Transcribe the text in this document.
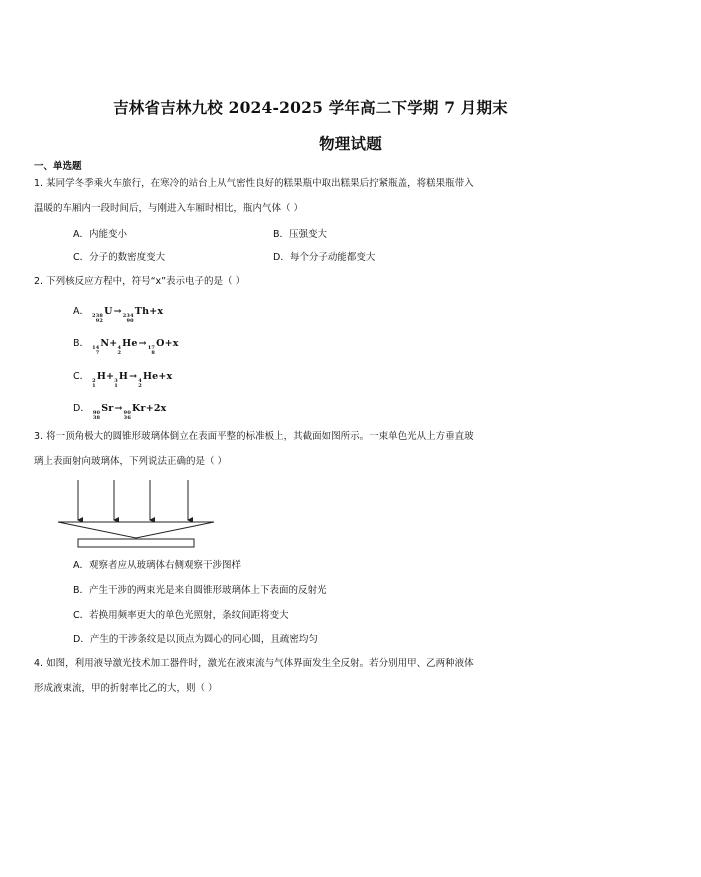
吉林省吉林九校 2024-2025 学年高二下学期 7 月期末
物理试题
一、单选题
1. 某同学冬季乘火车旅行，在寒冷的站台上从气密性良好的糕果瓶中取出糕果后拧紧瓶盖，将糕果瓶带入
温暖的车厢内一段时间后，与刚进入车厢时相比，瓶内气体（ ）
A．内能变小	B．压强变大
C．分子的数密度变大	D．每个分子动能都变大
2. 下列核反应方程中，符号“x”表示电子的是（ ）
A． 238
92
U→ 234
90
Th+x
B． 14
7
N+ 4
2
He→ 17
8
O+x
C． 2
1
H+ 3
1
H→ 4
2
He+x
D． 90
38
Sr→ 90
36
Kr+2x
3. 将一顶角极大的圆锥形玻璃体倒立在表面平整的标准板上，其截面如图所示。一束单色光从上方垂直玻
璃上表面射向玻璃体，下列说法正确的是（ ）
A．观察者应从玻璃体右侧观察干涉图样
B．产生干涉的两束光是来自圆锥形玻璃体上下表面的反射光
C．若换用频率更大的单色光照射，条纹间距将变大
D．产生的干涉条纹是以顶点为圆心的同心圆，且疏密均匀
4. 如图，利用液导激光技术加工器件时，激光在液束流与气体界面发生全反射。若分别用甲、乙两种液体
形成液束流，甲的折射率比乙的大，则（ ）
